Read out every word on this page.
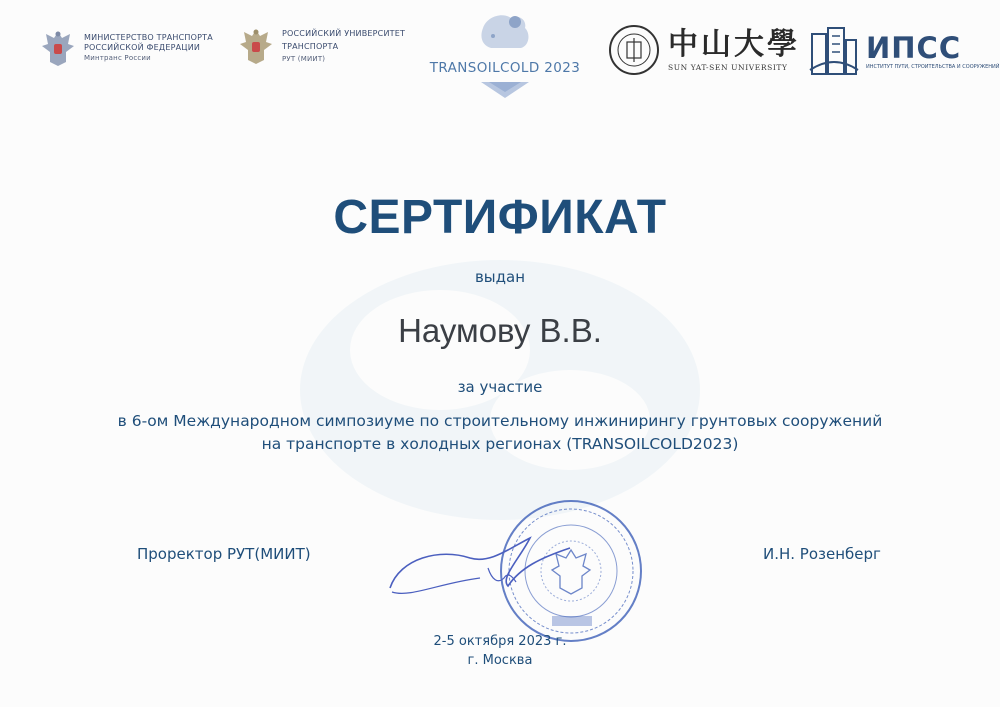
МИНИСТЕРСТВО ТРАНСПОРТА
РОССИЙСКОЙ ФЕДЕРАЦИИ
Минтранс России
РОССИЙСКИЙ УНИВЕРСИТЕТ
ТРАНСПОРТА
РУТ (МИИТ)
TRANSOILCOLD 2023
中山大學
SUN YAT-SEN UNIVERSITY
ИПСС
ИНСТИТУТ ПУТИ, СТРОИТЕЛЬСТВА И СООРУЖЕНИЙ
СЕРТИФИКАТ
выдан
Наумову В.В.
за участие
в 6-ом Международном симпозиуме по строительному инжинирингу грунтовых сооружений
на транспорте в холодных регионах (TRANSOILCOLD2023)
Проректор РУТ(МИИТ)	И.Н. Розенберг
2-5 октября 2023 г.
г. Москва
